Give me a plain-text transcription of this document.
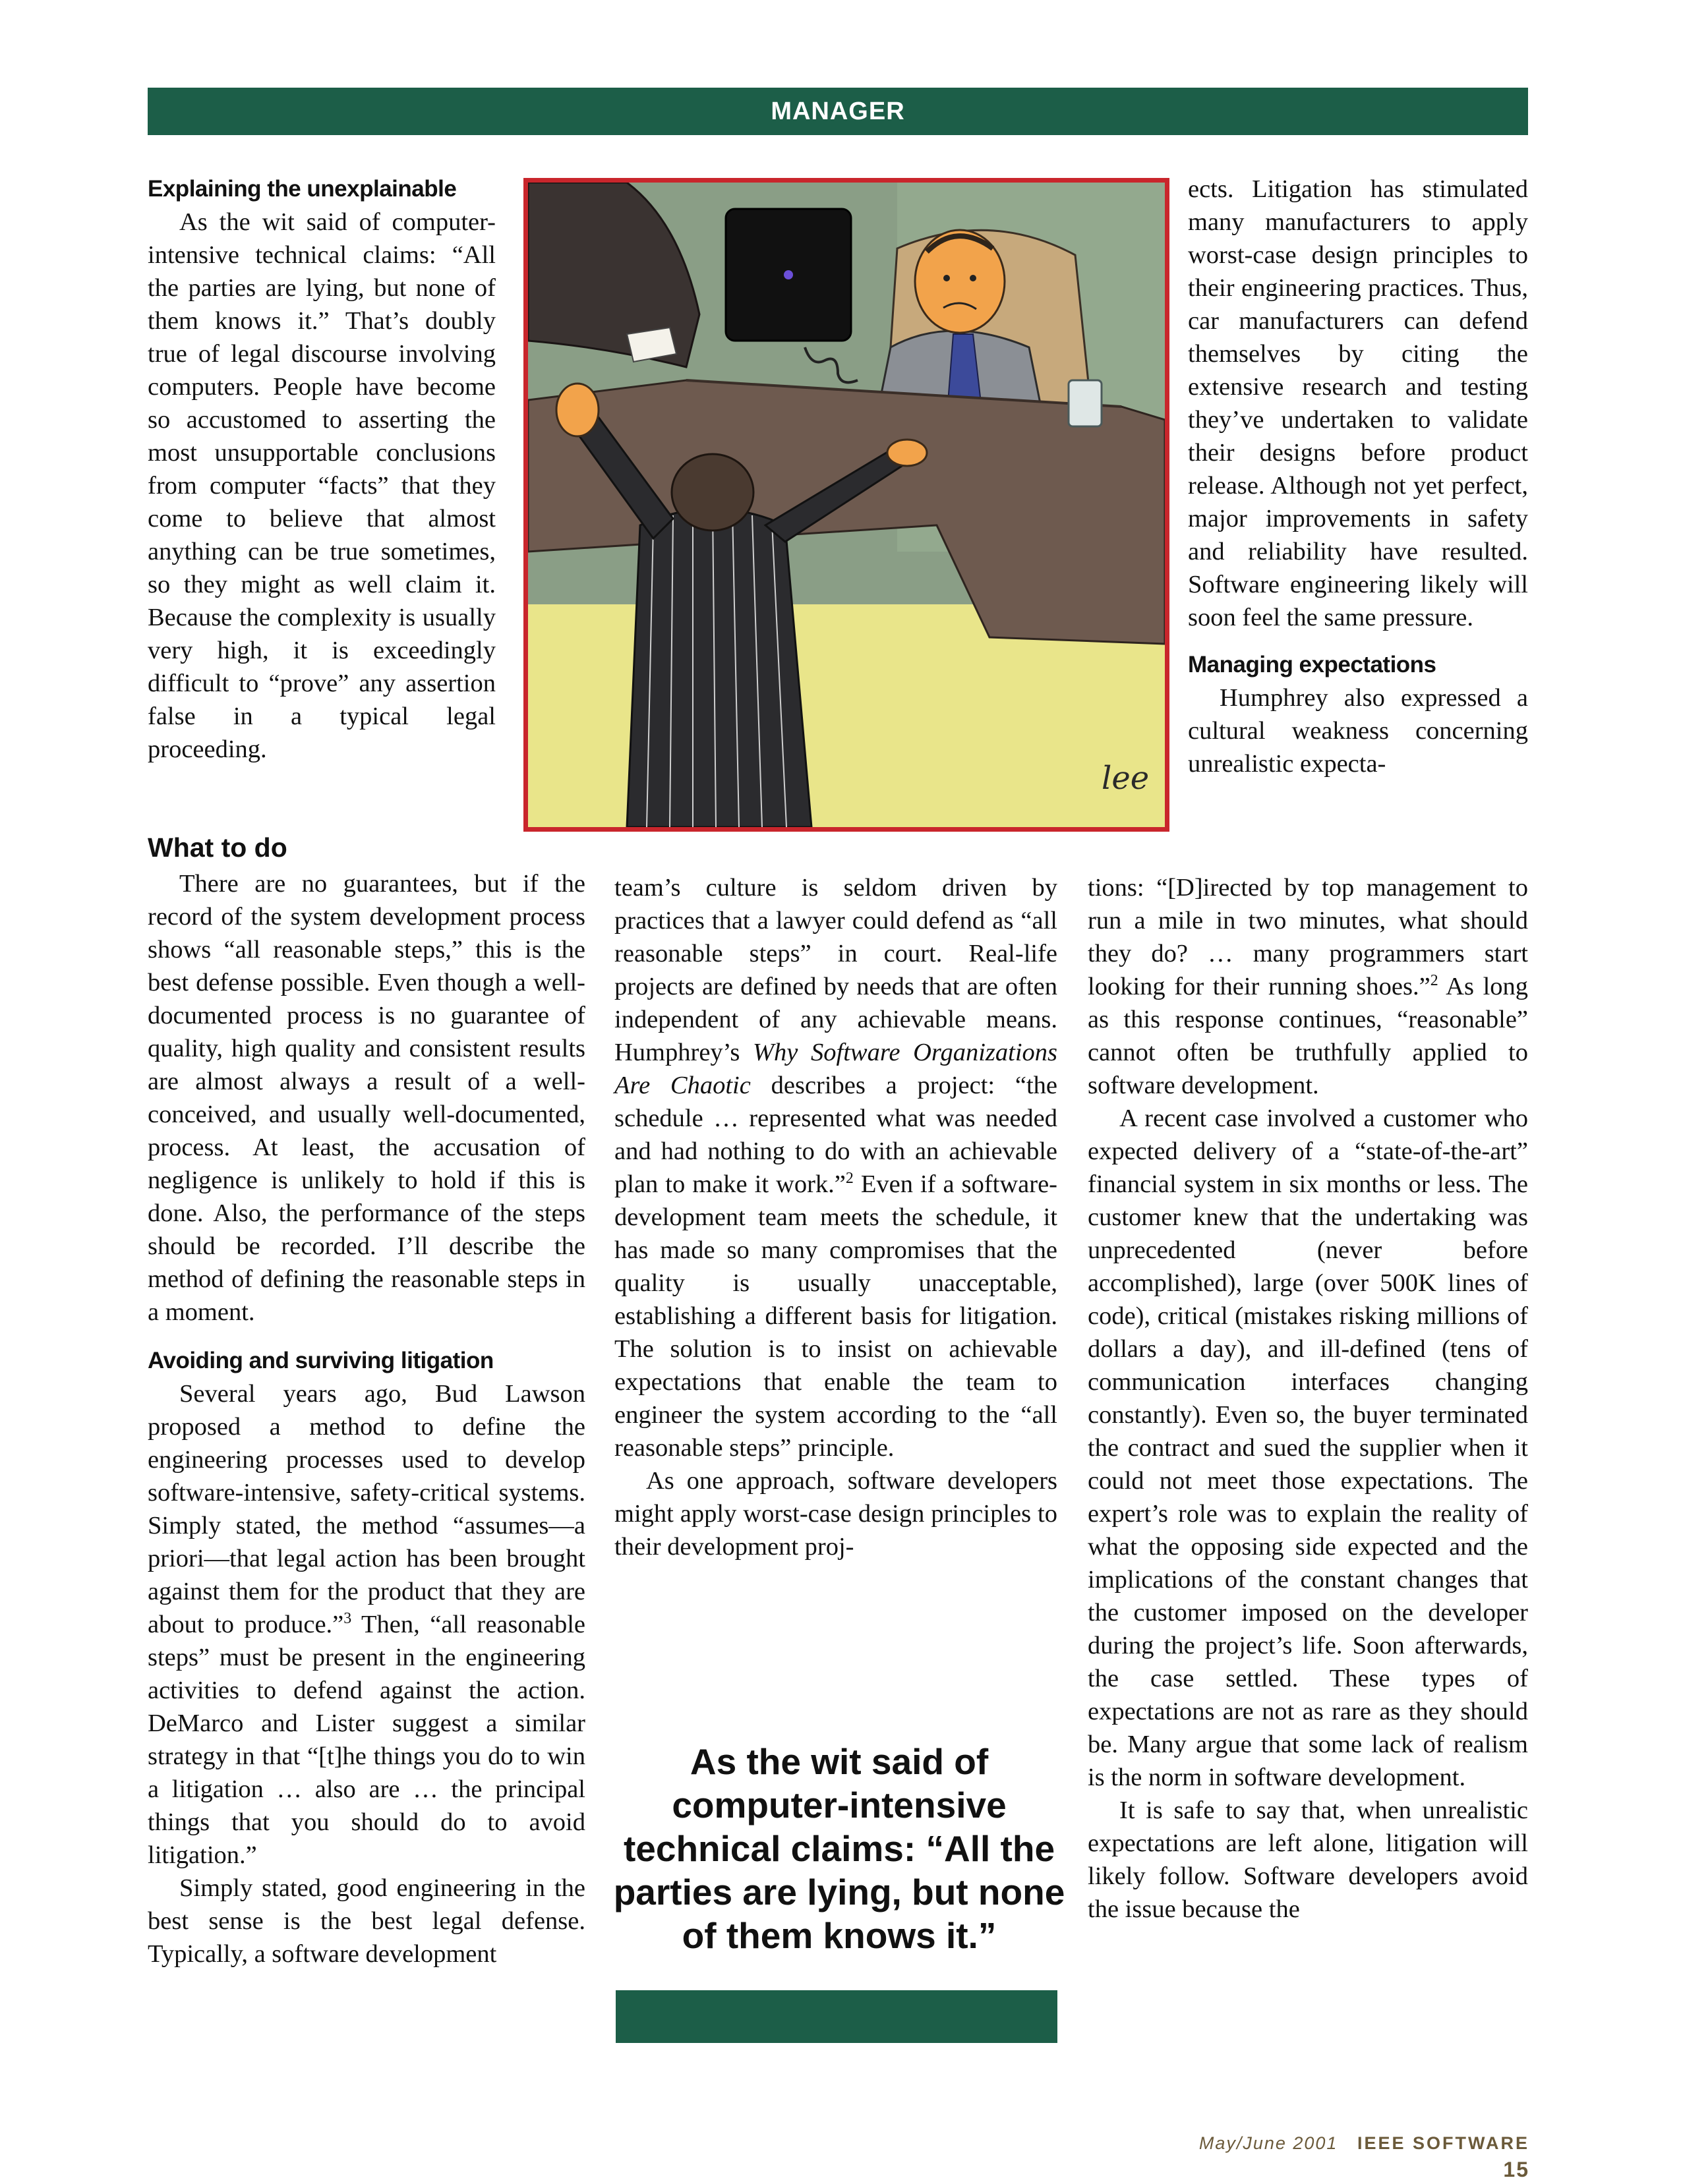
MANAGER
Explaining the unexplainable

As the wit said of computer-intensive technical claims: “All the parties are lying, but none of them knows it.” That’s doubly true of legal discourse involving computers. People have become so accustomed to asserting the most unsupportable conclusions from computer “facts” that they come to believe that almost anything can be true sometimes, so they might as well claim it. Because the complexity is usually very high, it is exceedingly difficult to “prove” any assertion false in a typical legal proceeding.

lee

ects. Litigation has stimulated many manufacturers to apply worst-case design principles to their engineering practices. Thus, car manufacturers can defend themselves by citing the extensive research and testing they’ve undertaken to validate their designs before product release. Although not yet perfect, major improvements in safety and reliability have resulted. Software engineering likely will soon feel the same pressure.

Managing expectations

Humphrey also expressed a cultural weakness concerning unrealistic expecta-

What to do

There are no guarantees, but if the record of the system development process shows “all reasonable steps,” this is the best defense possible. Even though a well-documented process is no guarantee of quality, high quality and consistent results are almost always a result of a well-conceived, and usually well-documented, process. At least, the accusation of negligence is unlikely to hold if this is done. Also, the performance of the steps should be recorded. I’ll describe the method of defining the reasonable steps in a moment.

Avoiding and surviving litigation

Several years ago, Bud Lawson proposed a method to define the engineering processes used to develop software-intensive, safety-critical systems. Simply stated, the method “assumes—a priori—that legal action has been brought against them for the product that they are about to produce.”$^3$ Then, “all reasonable steps” must be present in the engineering activities to defend against the action. DeMarco and Lister suggest a similar strategy in that “[t]he things you do to win a litigation … also are … the principal things that you should do to avoid litigation.”

Simply stated, good engineering in the best sense is the best legal defense. Typically, a software development

team’s culture is seldom driven by practices that a lawyer could defend as “all reasonable steps” in court. Real-life projects are defined by needs that are often independent of any achievable means. Humphrey’s Why Software Organizations Are Chaotic describes a project: “the schedule … represented what was needed and had nothing to do with an achievable plan to make it work.”$^2$ Even if a software-development team meets the schedule, it has made so many compromises that the quality is usually unacceptable, establishing a different basis for litigation. The solution is to insist on achievable expectations that enable the team to engineer the system according to the “all reasonable steps” principle.

As one approach, software developers might apply worst-case design principles to their development proj-

As the wit said of computer-intensive technical claims: “All the parties are lying, but none of them knows it.”

tions: “[D]irected by top management to run a mile in two minutes, what should they do? … many programmers start looking for their running shoes.”$^2$ As long as this response continues, “reasonable” cannot often be truthfully applied to software development.

A recent case involved a customer who expected delivery of a “state-of-the-art” financial system in six months or less. The customer knew that the undertaking was unprecedented (never before accomplished), large (over 500K lines of code), critical (mistakes risking millions of dollars a day), and ill-defined (tens of communication interfaces changing constantly). Even so, the buyer terminated the contract and sued the supplier when it could not meet those expectations. The expert’s role was to explain the reality of what the opposing side expected and the implications of the constant changes that the customer imposed on the developer during the project’s life. Soon afterwards, the case settled. These types of expectations are not as rare as they should be. Many argue that some lack of realism is the norm in software development.

It is safe to say that, when unrealistic expectations are left alone, litigation will likely follow. Software developers avoid the issue because the

May/June 2001 IEEE SOFTWARE 15
